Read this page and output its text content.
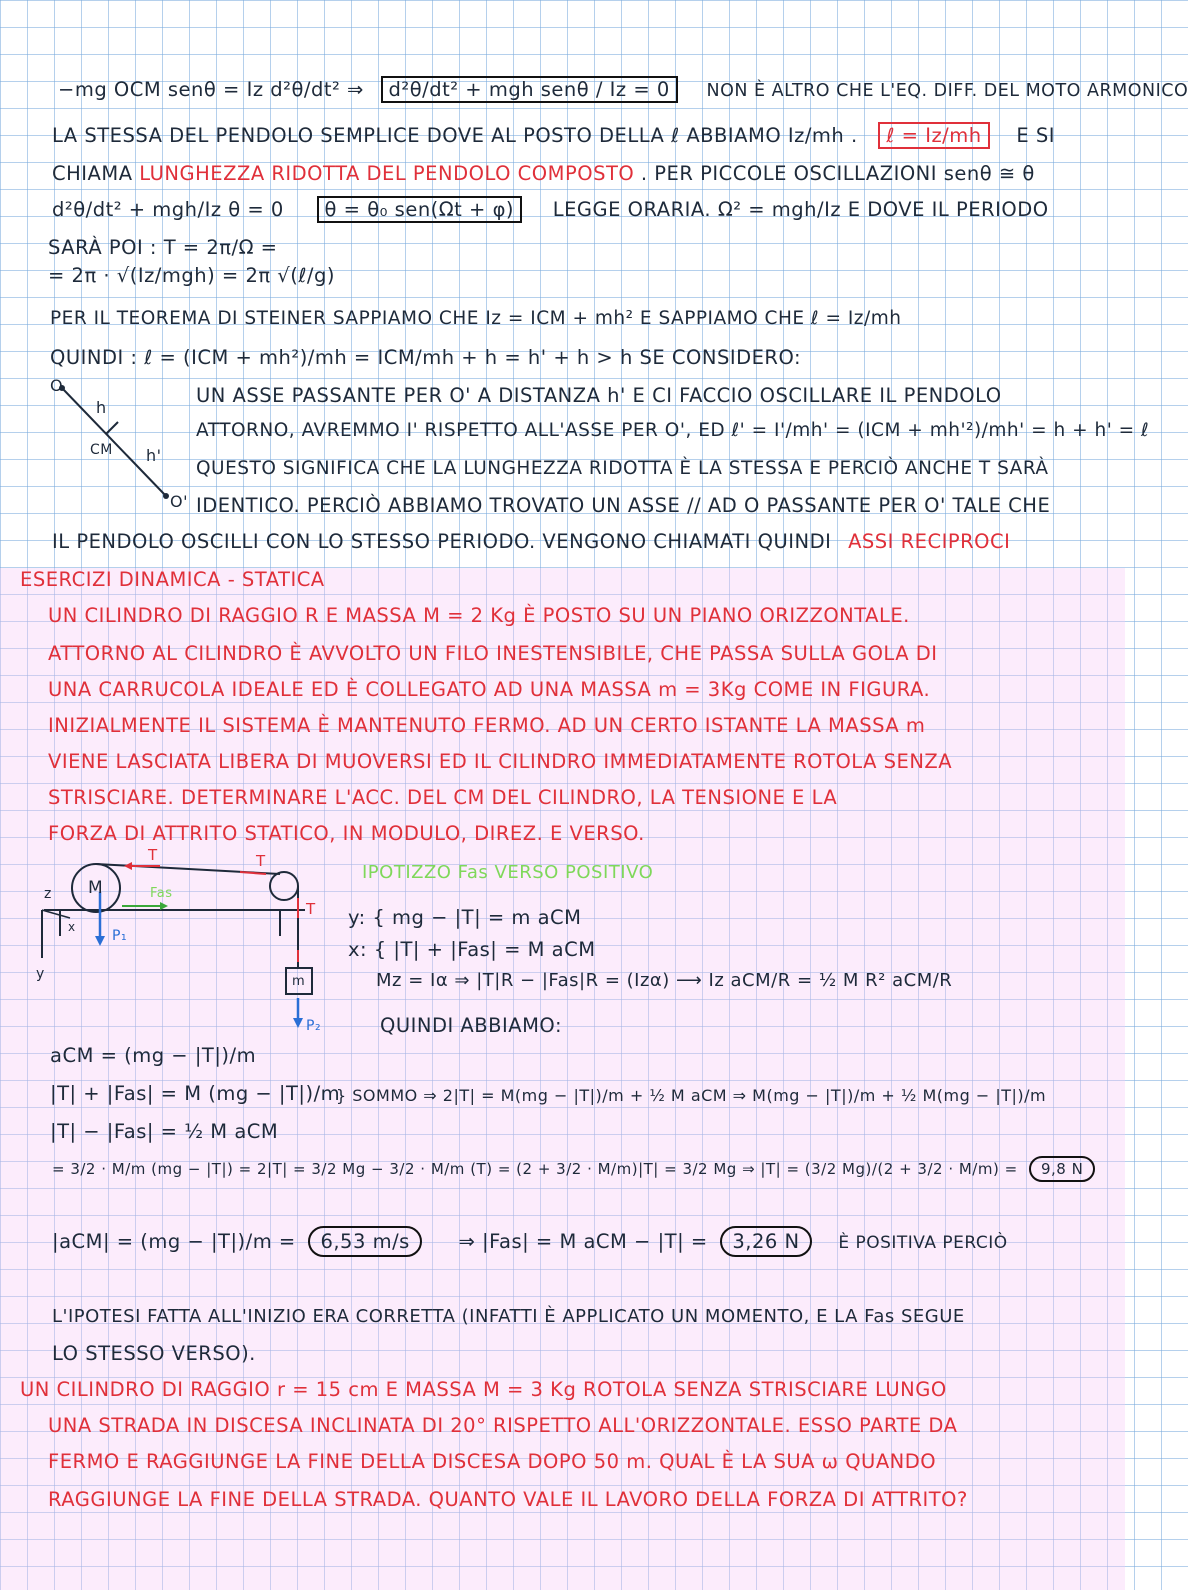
−mg OCM senθ = Iz d²θ/dt² ⇒ d²θ/dt² + mgh senθ / Iz = 0 NON È ALTRO CHE L'EQ. DIFF. DEL MOTO ARMONICO
LA STESSA DEL PENDOLO SEMPLICE DOVE AL POSTO DELLA ℓ ABBIAMO Iz/mh . ℓ = Iz/mh E SI
CHIAMA LUNGHEZZA RIDOTTA DEL PENDOLO COMPOSTO . PER PICCOLE OSCILLAZIONI senθ ≅ θ
d²θ/dt² + mgh/Iz θ = 0 θ = θ₀ sen(Ωt + φ) LEGGE ORARIA. Ω² = mgh/Iz E DOVE IL PERIODO
SARÀ POI : T = 2π/Ω =
= 2π · √(Iz/mgh) = 2π √(ℓ/g)
PER IL TEOREMA DI STEINER SAPPIAMO CHE Iz = ICM + mh² E SAPPIAMO CHE ℓ = Iz/mh
QUINDI : ℓ = (ICM + mh²)/mh = ICM/mh + h = h' + h > h SE CONSIDERO:
O
h
CM h'
O'
UN ASSE PASSANTE PER O' A DISTANZA h' E CI FACCIO OSCILLARE IL PENDOLO
ATTORNO, AVREMMO I' RISPETTO ALL'ASSE PER O', ED ℓ' = I'/mh' = (ICM + mh'²)/mh' = h + h' = ℓ
QUESTO SIGNIFICA CHE LA LUNGHEZZA RIDOTTA È LA STESSA E PERCIÒ ANCHE T SARÀ
IDENTICO. PERCIÒ ABBIAMO TROVATO UN ASSE // AD O PASSANTE PER O' TALE CHE
IL PENDOLO OSCILLI CON LO STESSO PERIODO. VENGONO CHIAMATI QUINDI ASSI RECIPROCI
ESERCIZI DINAMICA - STATICA
UN CILINDRO DI RAGGIO R E MASSA M = 2 Kg È POSTO SU UN PIANO ORIZZONTALE.
ATTORNO AL CILINDRO È AVVOLTO UN FILO INESTENSIBILE, CHE PASSA SULLA GOLA DI
UNA CARRUCOLA IDEALE ED È COLLEGATO AD UNA MASSA m = 3Kg COME IN FIGURA.
INIZIALMENTE IL SISTEMA È MANTENUTO FERMO. AD UN CERTO ISTANTE LA MASSA m
VIENE LASCIATA LIBERA DI MUOVERSI ED IL CILINDRO IMMEDIATAMENTE ROTOLA SENZA
STRISCIARE. DETERMINARE L'ACC. DEL CM DEL CILINDRO, LA TENSIONE E LA
FORZA DI ATTRITO STATICO, IN MODULO, DIREZ. E VERSO.
IPOTIZZO Fas VERSO POSITIVO
T	T
T
M
m
Fas
P₁
P₂
z
x
y
y: { mg − |T| = m aCM
x: { |T| + |Fas| = M aCM
Mz = Iα ⇒ |T|R − |Fas|R = (Izα) ⟶ Iz aCM/R = ½ M R² aCM/R
QUINDI ABBIAMO:
aCM = (mg − |T|)/m
|T| + |Fas| = M (mg − |T|)/m
|T| − |Fas| = ½ M aCM
} SOMMO ⇒ 2|T| = M(mg − |T|)/m + ½ M aCM ⇒ M(mg − |T|)/m + ½ M(mg − |T|)/m
= 3/2 · M/m (mg − |T|) = 2|T| = 3/2 Mg − 3/2 · M/m (T) = (2 + 3/2 · M/m)|T| = 3/2 Mg ⇒ |T| = (3/2 Mg)/(2 + 3/2 · M/m) = 9,8 N
|aCM| = (mg − |T|)/m = 6,53 m/s ⇒ |Fas| = M aCM − |T| = 3,26 N È POSITIVA PERCIÒ
L'IPOTESI FATTA ALL'INIZIO ERA CORRETTA (INFATTI È APPLICATO UN MOMENTO, E LA Fas SEGUE
LO STESSO VERSO).
UN CILINDRO DI RAGGIO r = 15 cm E MASSA M = 3 Kg ROTOLA SENZA STRISCIARE LUNGO
UNA STRADA IN DISCESA INCLINATA DI 20° RISPETTO ALL'ORIZZONTALE. ESSO PARTE DA
FERMO E RAGGIUNGE LA FINE DELLA DISCESA DOPO 50 m. QUAL È LA SUA ω QUANDO
RAGGIUNGE LA FINE DELLA STRADA. QUANTO VALE IL LAVORO DELLA FORZA DI ATTRITO?
